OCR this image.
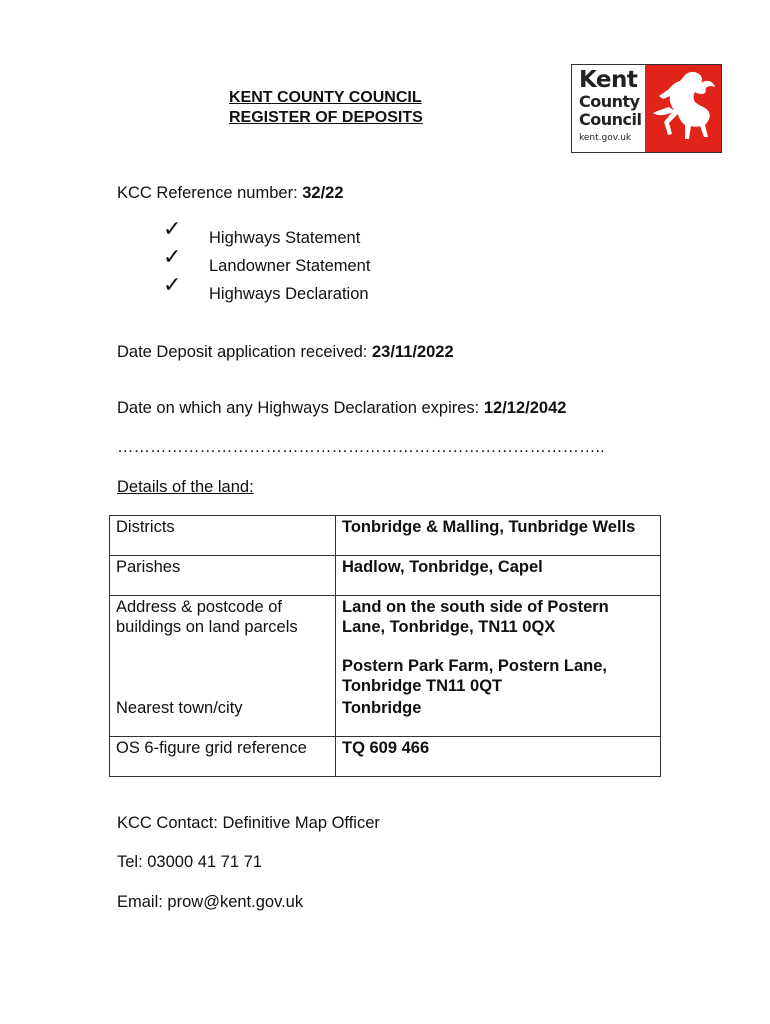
KENT COUNTY COUNCIL
REGISTER OF DEPOSITS
Kent
County
Council
kent.gov.uk
KCC Reference number: 32/22
✓ Highways Statement
✓ Landowner Statement
✓ Highways Declaration
Date Deposit application received: 23/11/2022
Date on which any Highways Declaration expires: 12/12/2042
……………………………………………………………………………..
Details of the land:
Districts	Tonbridge & Malling, Tunbridge Wells
Parishes	Hadlow, Tonbridge, Capel
Address & postcode of buildings on land parcels	Land on the south side of Postern Lane, Tonbridge, TN11 0QX
Postern Park Farm, Postern Lane, Tonbridge TN11 0QT

Nearest town/city	Tonbridge
OS 6-figure grid reference	TQ 609 466
KCC Contact: Definitive Map Officer
Tel: 03000 41 71 71
Email: prow@kent.gov.uk
